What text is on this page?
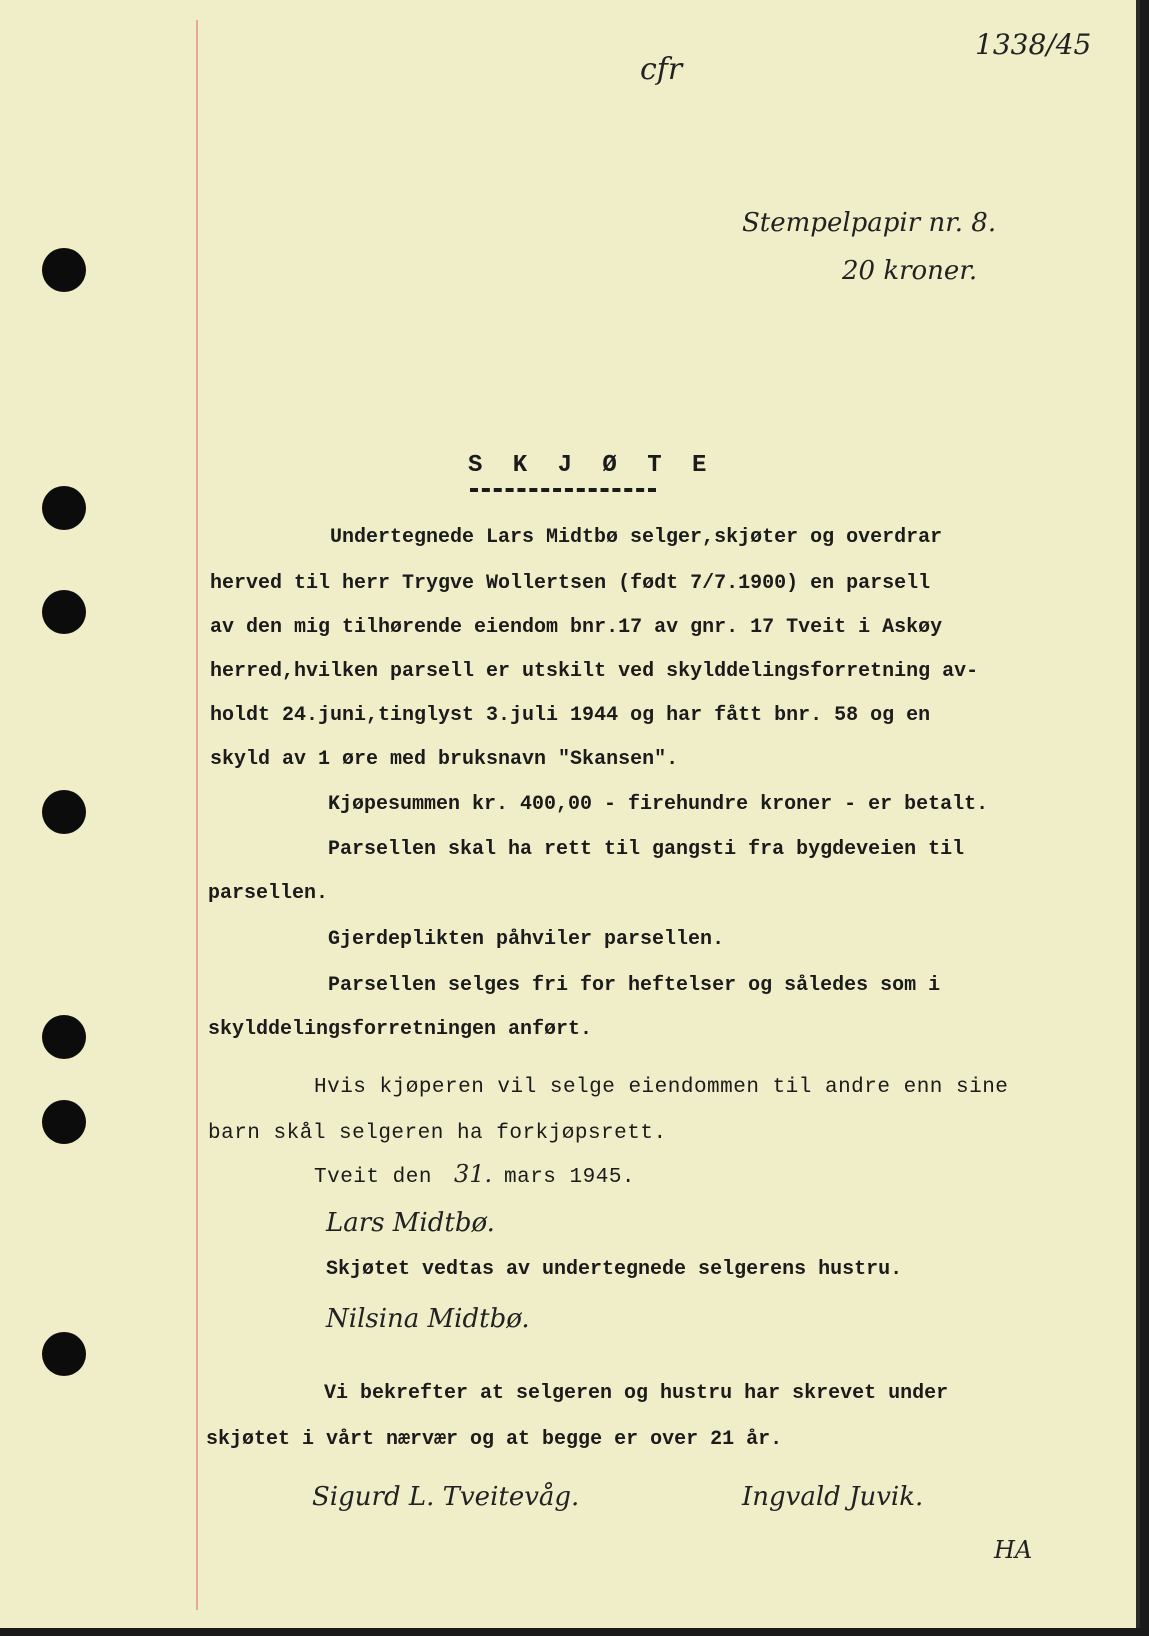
1338/45
cfr
Stempelpapir nr. 8.
20 kroner.
S K J Ø T E
Undertegnede Lars Midtbø selger,skjøter og overdrar
herved til herr Trygve Wollertsen (født 7/7.1900) en parsell
av den mig tilhørende eiendom bnr.17 av gnr. 17 Tveit i Askøy
herred,hvilken parsell er utskilt ved skylddelingsforretning av-
holdt 24.juni,tinglyst 3.juli 1944 og har fått bnr. 58 og en
skyld av 1 øre med bruksnavn "Skansen".
Kjøpesummen kr. 400,00 - firehundre kroner - er betalt.
Parsellen skal ha rett til gangsti fra bygdeveien til
parsellen.
Gjerdeplikten påhviler parsellen.
Parsellen selges fri for heftelser og således som i
skylddelingsforretningen anført.
Hvis kjøperen vil selge eiendommen til andre enn sine
barn skål selgeren ha forkjøpsrett.
Tveit den 31. mars 1945.
Lars Midtbø.
Skjøtet vedtas av undertegnede selgerens hustru.
Nilsina Midtbø.
Vi bekrefter at selgeren og hustru har skrevet under
skjøtet i vårt nærvær og at begge er over 21 år.
Sigurd L. Tveitevåg.	Ingvald Juvik.
HA
